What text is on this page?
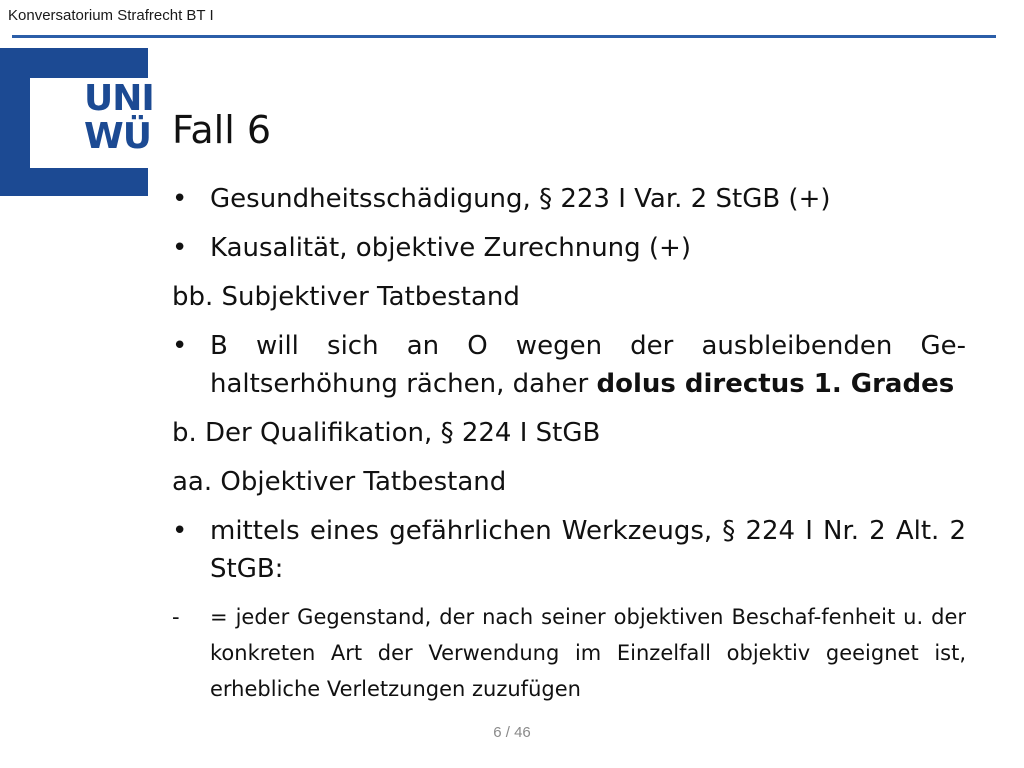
Konversatorium Strafrecht BT I
UNI
WÜ Fall 6
• Gesundheitsschädigung, § 223 I Var. 2 StGB (+)
• Kausalität, objektive Zurechnung (+)
bb. Subjektiver Tatbestand
• B will sich an O wegen der ausbleibenden Ge-haltserhöhung rächen, daher dolus directus 1. Grades
b. Der Qualifikation, § 224 I StGB
aa. Objektiver Tatbestand
• mittels eines gefährlichen Werkzeugs, § 224 I Nr. 2 Alt. 2 StGB:
-	= jeder Gegenstand, der nach seiner objektiven Beschaf-fenheit u. der konkreten Art der Verwendung im Einzelfall objektiv geeignet ist, erhebliche Verletzungen zuzufügen
6 / 46
